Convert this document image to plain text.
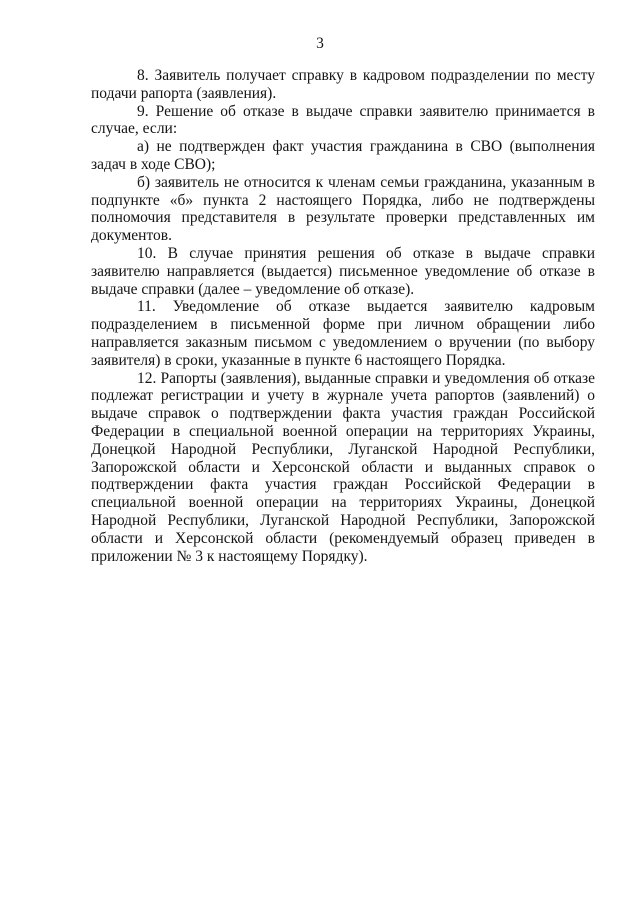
3

8. Заявитель получает справку в кадровом подразделении по месту подачи рапорта (заявления).

9. Решение об отказе в выдаче справки заявителю принимается в случае, если:

а) не подтвержден факт участия гражданина в СВО (выполнения задач в ходе СВО);

б) заявитель не относится к членам семьи гражданина, указанным в подпункте «б» пункта 2 настоящего Порядка, либо не подтверждены полномочия представителя в результате проверки представленных им документов.

10. В случае принятия решения об отказе в выдаче справки заявителю направляется (выдается) письменное уведомление об отказе в выдаче справки (далее – уведомление об отказе).

11. Уведомление об отказе выдается заявителю кадровым подразделением в письменной форме при личном обращении либо направляется заказным письмом с уведомлением о вручении (по выбору заявителя) в сроки, указанные в пункте 6 настоящего Порядка.

12. Рапорты (заявления), выданные справки и уведомления об отказе подлежат регистрации и учету в журнале учета рапортов (заявлений) о выдаче справок о подтверждении факта участия граждан Российской Федерации в специальной военной операции на территориях Украины, Донецкой Народной Республики, Луганской Народной Республики, Запорожской области и Херсонской области и выданных справок о подтверждении факта участия граждан Российской Федерации в специальной военной операции на территориях Украины, Донецкой Народной Республики, Луганской Народной Республики, Запорожской области и Херсонской области (рекомендуемый образец приведен в приложении № 3 к настоящему Порядку).
